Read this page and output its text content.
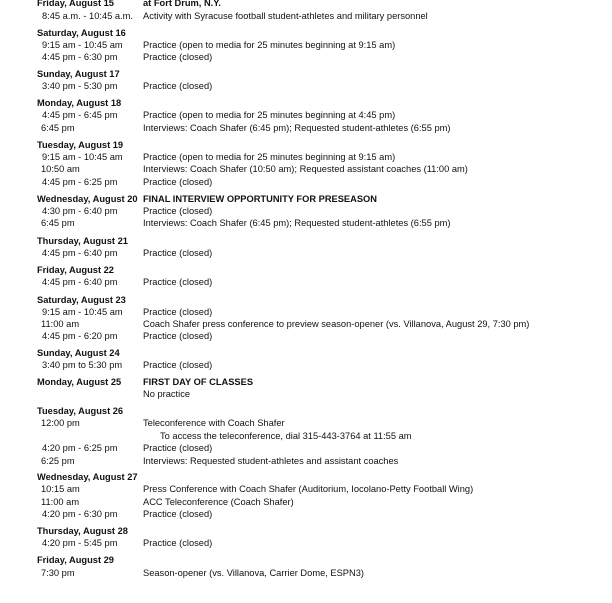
Friday, August 15	at Fort Drum, N.Y.
8:45 a.m. - 10:45 a.m. Activity with Syracuse football student-athletes and military personnel
Saturday, August 16
9:15 am - 10:45 am Practice (open to media for 25 minutes beginning at 9:15 am)
4:45 pm - 6:30 pm	Practice (closed)
Sunday, August 17
3:40 pm - 5:30 pm	Practice (closed)
Monday, August 18
4:45 pm - 6:45 pm	Practice (open to media for 25 minutes beginning at 4:45 pm)
6:45 pm	Interviews: Coach Shafer (6:45 pm); Requested student-athletes (6:55 pm)
Tuesday, August 19
9:15 am - 10:45 am Practice (open to media for 25 minutes beginning at 9:15 am)
10:50 am	Interviews: Coach Shafer (10:50 am); Requested assistant coaches (11:00 am)
4:45 pm - 6:25 pm	Practice (closed)
Wednesday, August 20 FINAL INTERVIEW OPPORTUNITY FOR PRESEASON
4:30 pm - 6:40 pm	Practice (closed)
6:45 pm	Interviews: Coach Shafer (6:45 pm); Requested student-athletes (6:55 pm)
Thursday, August 21
4:45 pm - 6:40 pm	Practice (closed)
Friday, August 22
4:45 pm - 6:40 pm	Practice (closed)
Saturday, August 23
9:15 am - 10:45 am Practice (closed)
11:00 am	Coach Shafer press conference to preview season-opener (vs. Villanova, August 29, 7:30 pm)
4:45 pm - 6:20 pm	Practice (closed)
Sunday, August 24
3:40 pm to 5:30 pm Practice (closed)
Monday, August 25 FIRST DAY OF CLASSES
No practice
Tuesday, August 26
12:00 pm	Teleconference with Coach Shafer
To access the teleconference, dial 315-443-3764 at 11:55 am
4:20 pm - 6:25 pm	Practice (closed)
6:25 pm	Interviews: Requested student-athletes and assistant coaches
Wednesday, August 27
10:15 am	Press Conference with Coach Shafer (Auditorium, Iocolano-Petty Football Wing)
11:00 am	ACC Teleconference (Coach Shafer)
4:20 pm - 6:30 pm	Practice (closed)
Thursday, August 28
4:20 pm - 5:45 pm	Practice (closed)
Friday, August 29
7:30 pm	Season-opener (vs. Villanova, Carrier Dome, ESPN3)
